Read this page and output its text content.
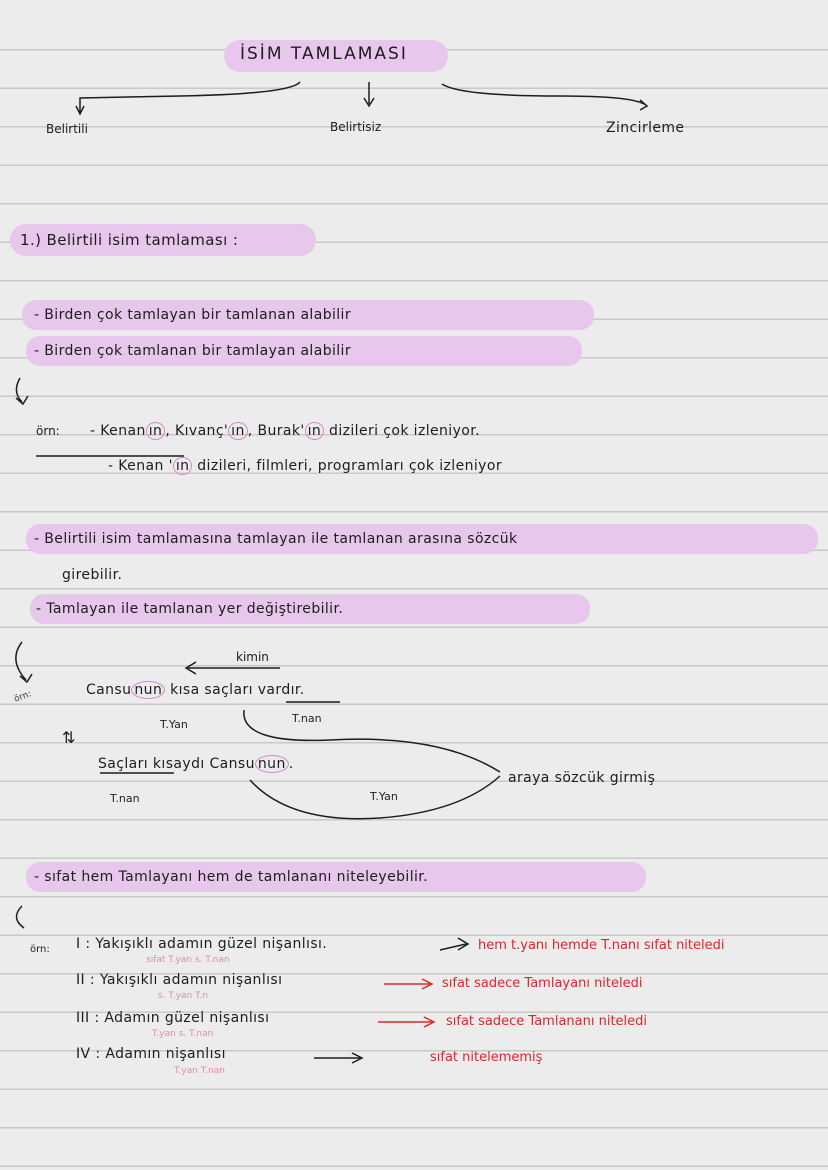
İSİM TAMLAMASI
Belirtili	Belirtisiz	Zincirleme
1.) Belirtili isim tamlaması :
- Birden çok tamlayan bir tamlanan alabilir
- Birden çok tamlanan bir tamlayan alabilir
örn: - Kenan ın , Kıvanç' ın , Burak' ın dizileri çok izleniyor.
- Kenan ' ın dizileri, filmleri, programları çok izleniyor
- Belirtili isim tamlamasına tamlayan ile tamlanan arasına sözcük
girebilir.
- Tamlayan ile tamlanan yer değiştirebilir.
örn:
kimin
Cansu nun kısa saçları vardır.
T.Yan	T.nan
⇅
Saçları kısaydı Cansu nun .
T.nan	T.Yan
araya sözcük girmiş
- sıfat hem Tamlayanı hem de tamlananı niteleyebilir.
örn: I : Yakışıklı adamın güzel nişanlısı.
sıfat T.yan s. T.nan
hem t.yanı hemde T.nanı sıfat niteledi
II : Yakışıklı adamın nişanlısı
s. T.yan T.n
sıfat sadece Tamlayanı niteledi
III : Adamın güzel nişanlısı
T.yan s. T.nan
sıfat sadece Tamlananı niteledi
IV : Adamın nişanlısı
T.yan T.nan
sıfat nitelememiş
